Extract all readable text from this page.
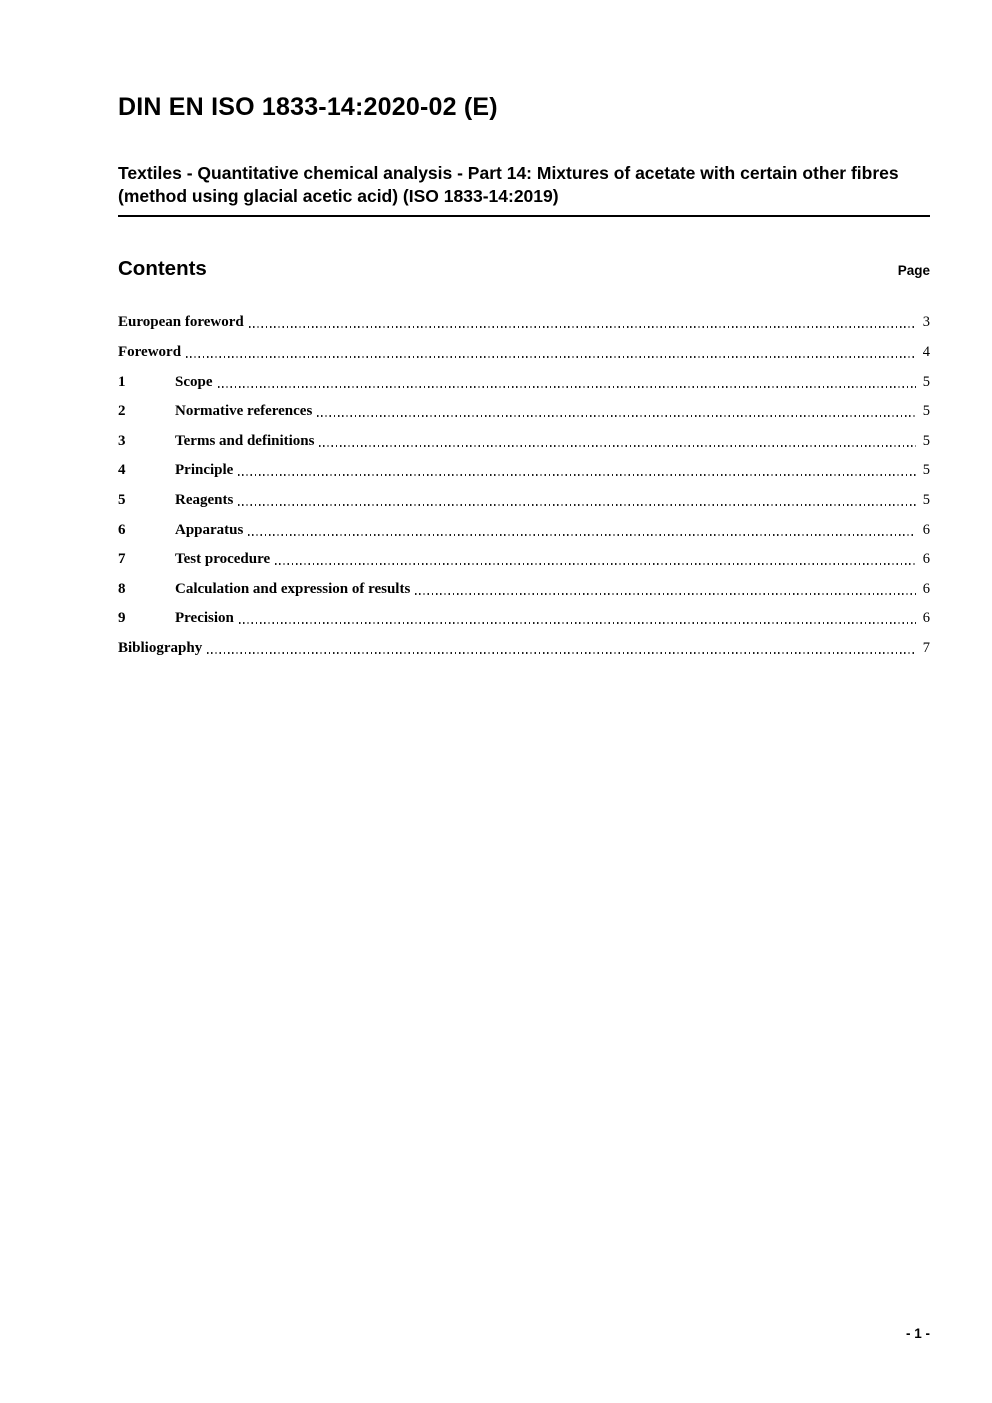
DIN EN ISO 1833-14:2020-02 (E)
Textiles - Quantitative chemical analysis - Part 14: Mixtures of acetate with certain other fibres (method using glacial acetic acid) (ISO 1833-14:2019)
Contents	Page
European foreword	3
Foreword	4
1	Scope	5
2	Normative references	5
3	Terms and definitions	5
4	Principle	5
5	Reagents	5
6	Apparatus	6
7	Test procedure	6
8	Calculation and expression of results	6
9	Precision	6
Bibliography	7
- 1 -
